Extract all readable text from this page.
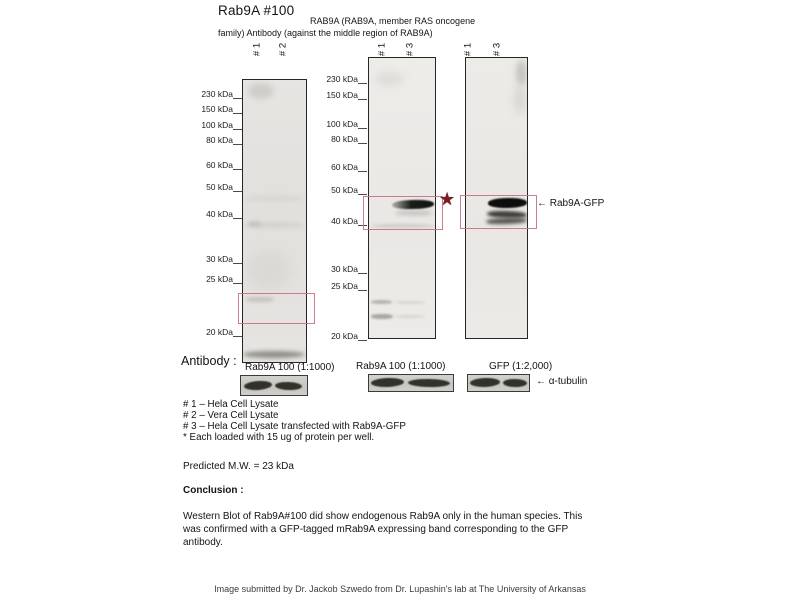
Rab9A #100
RAB9A (RAB9A, member RAS oncogene
family) Antibody (against the middle region of RAB9A)
# 1 # 2	# 1 # 3	# 1 # 3
230 kDa
150 kDa
100 kDa
80 kDa
60 kDa
50 kDa
40 kDa
30 kDa
25 kDa
20 kDa
230 kDa
150 kDa
100 kDa
80 kDa
60 kDa
50 kDa
40 kDa
30 kDa
25 kDa
20 kDa
★	← Rab9A-GFP
Antibody : Rab9A 100 (1:1000) Rab9A 100 (1:1000)	GFP (1:2,000)
← α-tubulin
# 1 – Hela Cell Lysate
# 2 – Vera Cell Lysate
# 3 – Hela Cell Lysate transfected with Rab9A-GFP
* Each loaded with 15 ug of protein per well.
Predicted M.W. = 23 kDa
Conclusion :
Western Blot of Rab9A#100 did show endogenous Rab9A only in the human species. This was confirmed with a GFP-tagged mRab9A expressing band corresponding to the GFP antibody.
Image submitted by Dr. Jackob Szwedo from Dr. Lupashin's lab at The University of Arkansas
